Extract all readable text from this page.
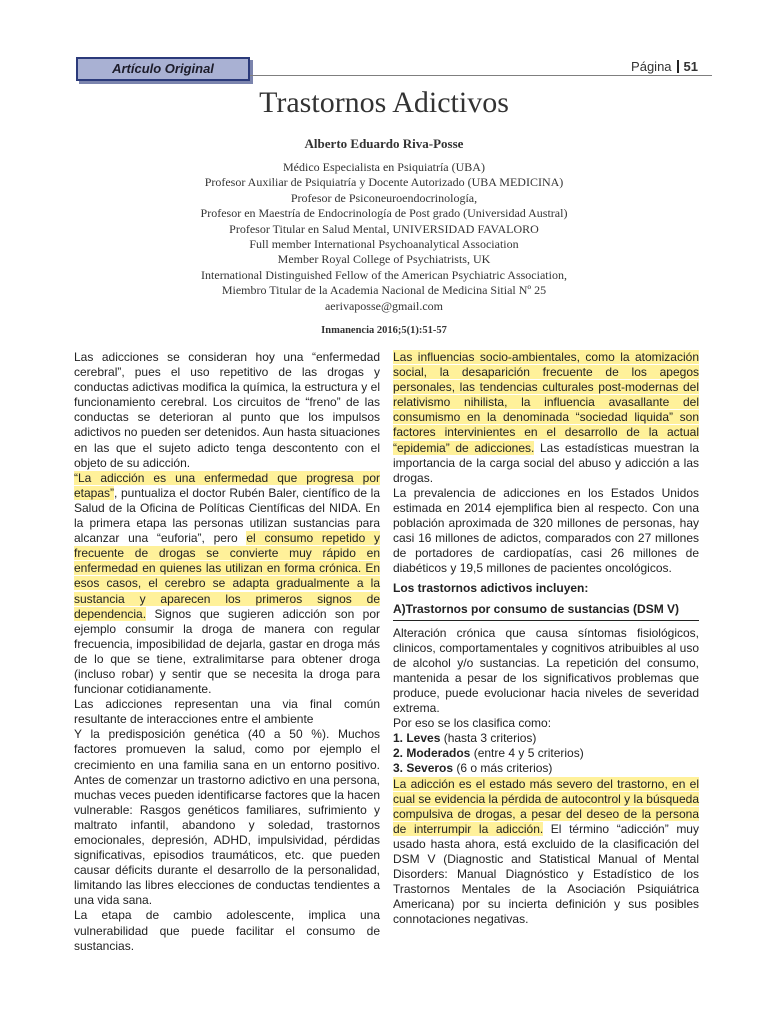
Artículo Original	Página 51
Trastornos Adictivos
Alberto Eduardo Riva-Posse
Médico Especialista en Psiquiatría (UBA)
Profesor Auxiliar de Psiquiatría y Docente Autorizado (UBA MEDICINA)
Profesor de Psiconeuroendocrinología,
Profesor en Maestría de Endocrinología de Post grado (Universidad Austral)
Profesor Titular en Salud Mental, UNIVERSIDAD FAVALORO
Full member International Psychoanalytical Association
Member Royal College of Psychiatrists, UK
International Distinguished Fellow of the American Psychiatric Association,
Miembro Titular de la Academia Nacional de Medicina Sitial Nº 25
aerivaposse@gmail.com
Inmanencia 2016;5(1):51-57

Las adicciones se consideran hoy una “enfermedad cerebral”, pues el uso repetitivo de las drogas y conductas adictivas modifica la química, la estructura y el funcionamiento cerebral. Los circuitos de “freno” de las conductas se deterioran al punto que los impulsos adictivos no pueden ser detenidos. Aun hasta situaciones en las que el sujeto adicto tenga descontento con el objeto de su adicción.

“La adicción es una enfermedad que progresa por etapas”, puntualiza el doctor Rubén Baler, científico de la Salud de la Oficina de Políticas Científicas del NIDA. En la primera etapa las personas utilizan sustancias para alcanzar una “euforia”, pero el consumo repetido y frecuente de drogas se convierte muy rápido en enfermedad en quienes las utilizan en forma crónica. En esos casos, el cerebro se adapta gradualmente a la sustancia y aparecen los primeros signos de dependencia. Signos que sugieren adicción son por ejemplo consumir la droga de manera con regular frecuencia, imposibilidad de dejarla, gastar en droga más de lo que se tiene, extralimitarse para obtener droga (incluso robar) y sentir que se necesita la droga para funcionar cotidianamente.

Las adicciones representan una via final común resultante de interacciones entre el ambiente

Y la predisposición genética (40 a 50 %). Muchos factores promueven la salud, como por ejemplo el crecimiento en una familia sana en un entorno positivo. Antes de comenzar un trastorno adictivo en una persona, muchas veces pueden identificarse factores que la hacen vulnerable: Rasgos genéticos familiares, sufrimiento y maltrato infantil, abandono y soledad, trastornos emocionales, depresión, ADHD, impulsividad, pérdidas significativas, episodios traumáticos, etc. que pueden causar déficits durante el desarrollo de la personalidad, limitando las libres elecciones de conductas tendientes a una vida sana.

La etapa de cambio adolescente, implica una vulnerabilidad que puede facilitar el consumo de sustancias.

Las influencias socio-ambientales, como la atomización social, la desaparición frecuente de los apegos personales, las tendencias culturales post-modernas del relativismo nihilista, la influencia avasallante del consumismo en la denominada “sociedad liquida” son factores intervinientes en el desarrollo de la actual “epidemia” de adicciones. Las estadísticas muestran la importancia de la carga social del abuso y adicción a las drogas.

La prevalencia de adicciones en los Estados Unidos estimada en 2014 ejemplifica bien al respecto. Con una población aproximada de 320 millones de personas, hay casi 16 millones de adictos, comparados con 27 millones de portadores de cardiopatías, casi 26 millones de diabéticos y 19,5 millones de pacientes oncológicos.

Los trastornos adictivos incluyen:

A)Trastornos por consumo de sustancias (DSM V)

Alteración crónica que causa síntomas fisiológicos, clinicos, comportamentales y cognitivos atribuibles al uso de alcohol y/o sustancias. La repetición del consumo, mantenida a pesar de los significativos problemas que produce, puede evolucionar hacia niveles de severidad extrema.

Por eso se los clasifica como:

1. Leves (hasta 3 criterios)

2. Moderados (entre 4 y 5 criterios)

3. Severos (6 o más criterios)

La adicción es el estado más severo del trastorno, en el cual se evidencia la pérdida de autocontrol y la búsqueda compulsiva de drogas, a pesar del deseo de la persona de interrumpir la adicción. El término “adicción” muy usado hasta ahora, está excluido de la clasificación del DSM V (Diagnostic and Statistical Manual of Mental Disorders: Manual Diagnóstico y Estadístico de los Trastornos Mentales de la Asociación Psiquiátrica Americana) por su incierta definición y sus posibles connotaciones negativas.
